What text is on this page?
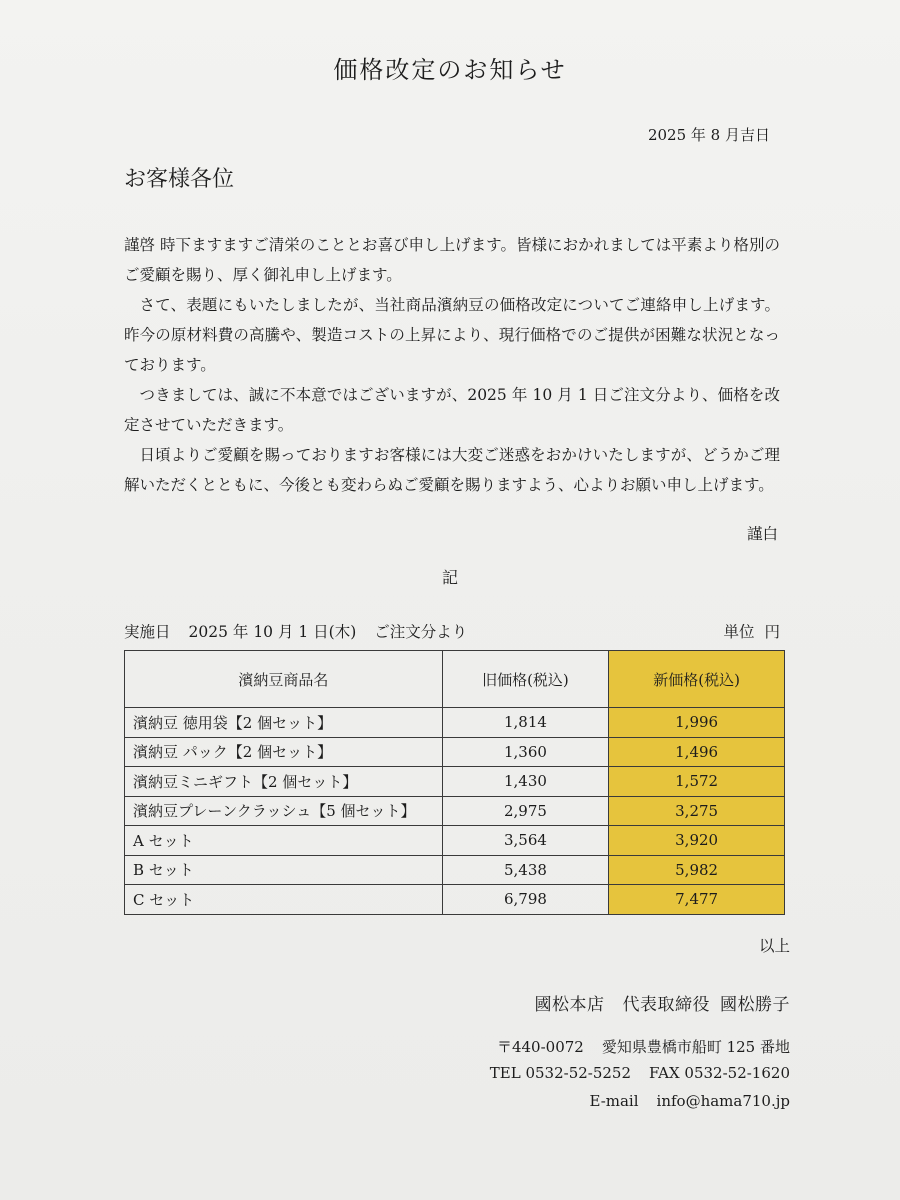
価格改定のお知らせ
2025 年 8 月吉日
お客様各位

謹啓 時下ますますご清栄のこととお喜び申し上げます。皆様におかれましては平素より格別のご愛顧を賜り、厚く御礼申し上げます。

さて、表題にもいたしましたが、当社商品濱納豆の価格改定についてご連絡申し上げます。昨今の原材料費の高騰や、製造コストの上昇により、現行価格でのご提供が困難な状況となっております。

つきましては、誠に不本意ではございますが、2025 年 10 月 1 日ご注文分より、価格を改定させていただきます。

日頃よりご愛顧を賜っておりますお客様には大変ご迷惑をおかけいたしますが、どうかご理解いただくとともに、今後とも変わらぬご愛顧を賜りますよう、心よりお願い申し上げます。

謹白
記
実施日 2025 年 10 月 1 日(木) ご注文分より	単位 円
濱納豆商品名	旧価格(税込)	新価格(税込)
濱納豆 徳用袋【2 個セット】	1,814	1,996
濱納豆 パック【2 個セット】	1,360	1,496
濱納豆ミニギフト【2 個セット】	1,430	1,572
濱納豆プレーンクラッシュ【5 個セット】	2,975	3,275
A セット	3,564	3,920
B セット	5,438	5,982
C セット	6,798	7,477
以上
國松本店 代表取締役 國松勝子
〒440-0072 愛知県豊橋市船町 125 番地
TEL 0532-52-5252 FAX 0532-52-1620
E-mail info@hama710.jp
